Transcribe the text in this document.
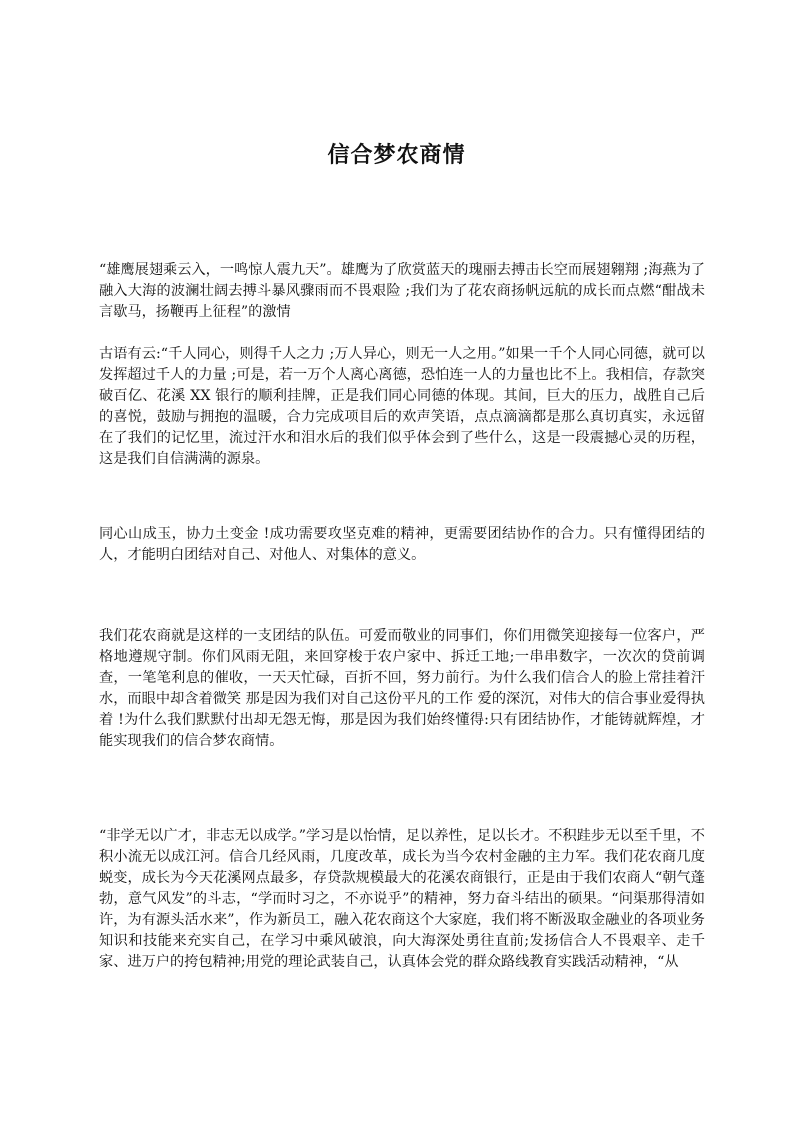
信合梦农商情

“雄鹰展翅乘云入，一鸣惊人震九天”。雄鹰为了欣赏蓝天的瑰丽去搏击长空而展翅翱翔 ;海燕为了融入大海的波澜壮阔去搏斗暴风骤雨而不畏艰险 ;我们为了花农商扬帆远航的成长而点燃“酣战未言歇马，扬鞭再上征程”的激情

古语有云:“千人同心，则得千人之力 ;万人异心，则无一人之用。”如果一千个人同心同德，就可以发挥超过千人的力量 ;可是，若一万个人离心离德，恐怕连一人的力量也比不上。我相信，存款突破百亿、花溪 XX 银行的顺利挂牌，正是我们同心同德的体现。其间，巨大的压力，战胜自己后的喜悦，鼓励与拥抱的温暖，合力完成项目后的欢声笑语，点点滴滴都是那么真切真实，永远留在了我们的记忆里，流过汗水和泪水后的我们似乎体会到了些什么，这是一段震撼心灵的历程，这是我们自信满满的源泉。

同心山成玉，协力土变金 !成功需要攻坚克难的精神，更需要团结协作的合力。只有懂得团结的人，才能明白团结对自己、对他人、对集体的意义。

我们花农商就是这样的一支团结的队伍。可爱而敬业的同事们，你们用微笑迎接每一位客户，严格地遵规守制。你们风雨无阻，来回穿梭于农户家中、拆迁工地;一串串数字，一次次的贷前调查，一笔笔利息的催收，一天天忙碌，百折不回，努力前行。为什么我们信合人的脸上常挂着汗水，而眼中却含着微笑 那是因为我们对自己这份平凡的工作 爱的深沉，对伟大的信合事业爱得执着 !为什么我们默默付出却无怨无悔，那是因为我们始终懂得:只有团结协作，才能铸就辉煌，才能实现我们的信合梦农商情。

“非学无以广才，非志无以成学。”学习是以怡情，足以养性，足以长才。不积跬步无以至千里，不积小流无以成江河。信合几经风雨，几度改革，成长为当今农村金融的主力军。我们花农商几度蜕变，成长为今天花溪网点最多，存贷款规模最大的花溪农商银行，正是由于我们农商人“朝气蓬勃，意气风发”的斗志，“学而时习之，不亦说乎”的精神，努力奋斗结出的硕果。“问渠那得清如许，为有源头活水来”，作为新员工，融入花农商这个大家庭，我们将不断汲取金融业的各项业务知识和技能来充实自己，在学习中乘风破浪，向大海深处勇往直前;发扬信合人不畏艰辛、走千家、进万户的挎包精神;用党的理论武装自己，认真体会党的群众路线教育实践活动精神，“从
